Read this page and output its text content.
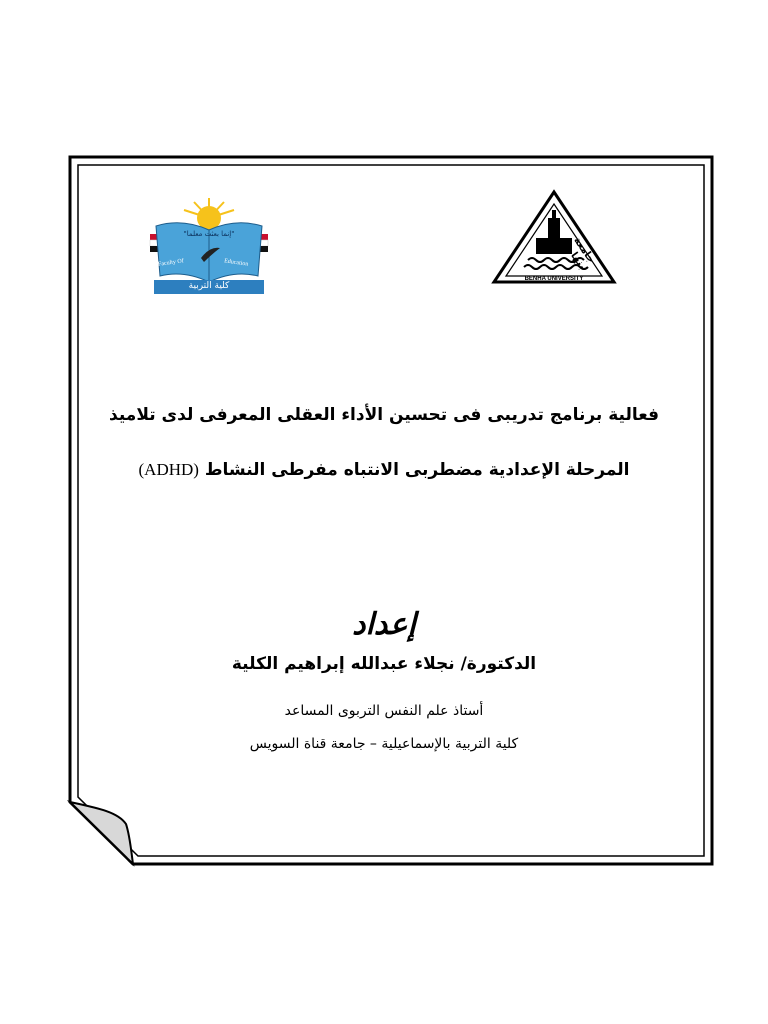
"إنما بعثت معلما"
Faculty Of	Education
كلية التربية
جامعة بنها
BENHA UNIVERSITY
فعالية برنامج تدريبى فى تحسين الأداء العقلى المعرفى لدى تلاميذ
المرحلة الإعدادية مضطربى الانتباه مفرطى النشاط (ADHD)
إعداد
الدكتورة/ نجلاء عبدالله إبراهيم الكلية
أستاذ علم النفس التربوى المساعد
كلية التربية بالإسماعيلية – جامعة قناة السويس
